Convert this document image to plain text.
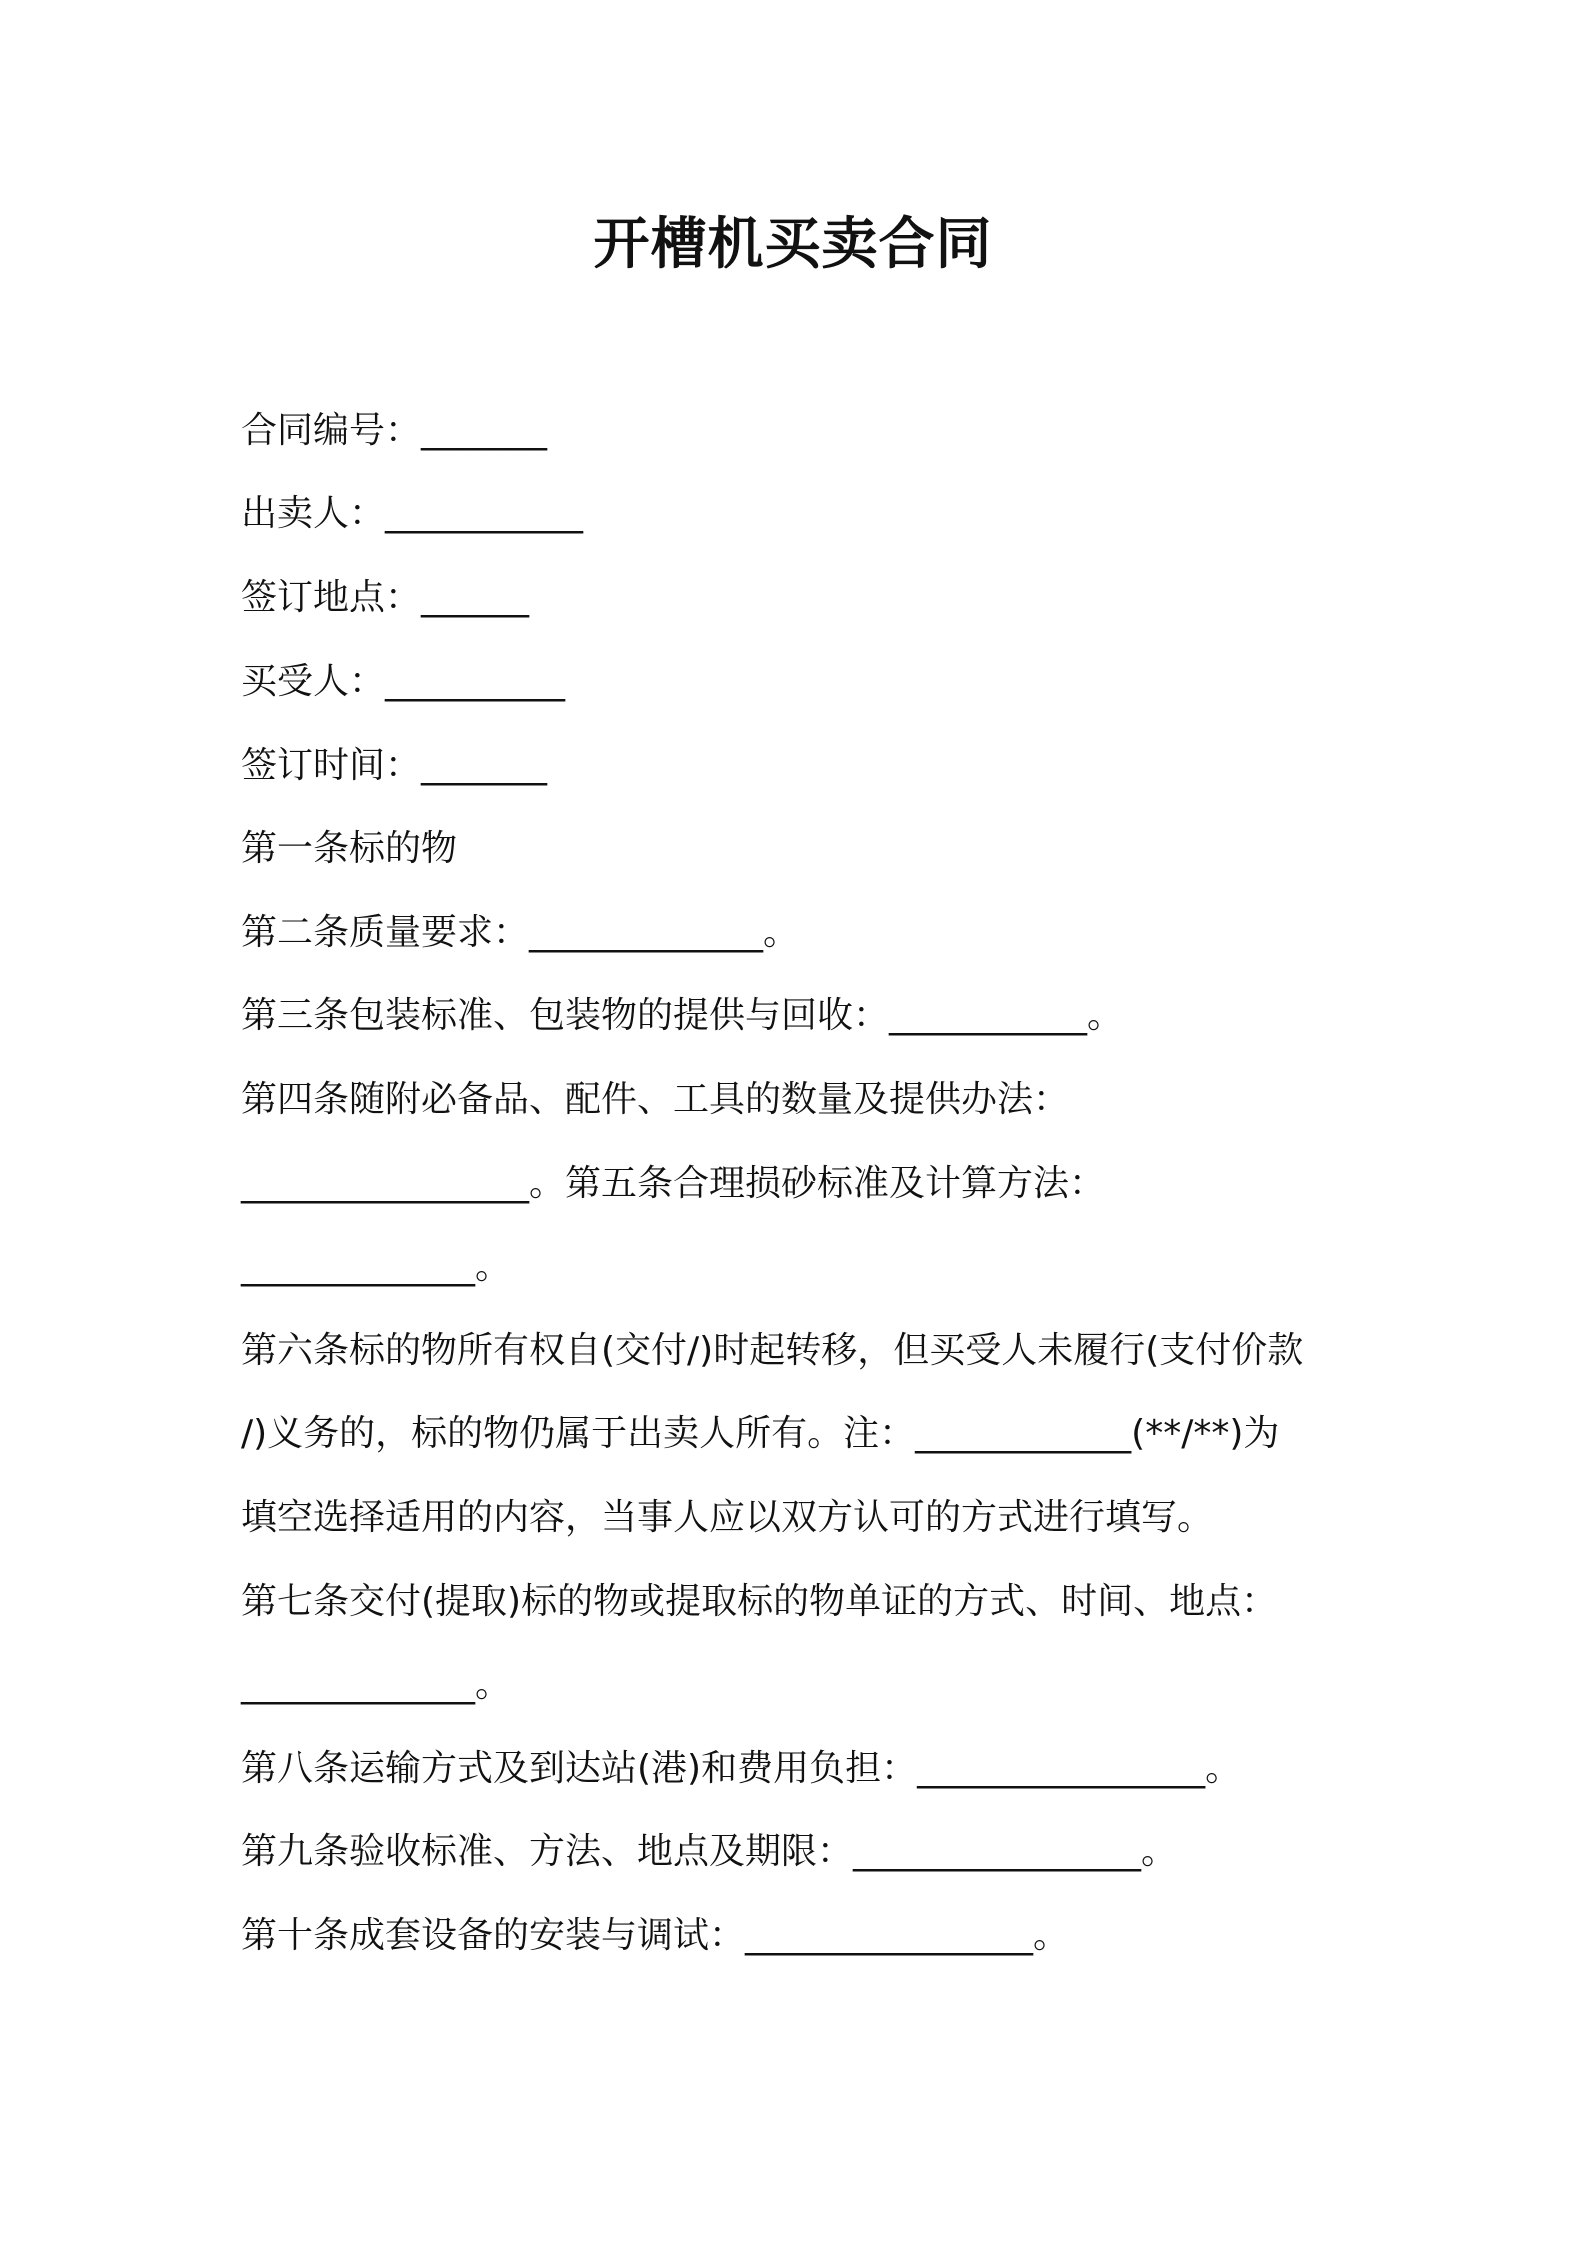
开槽机买卖合同

合同编号：_______

出卖人：___________

签订地点：______

买受人：__________

签订时间：_______

第一条标的物

第二条质量要求：_____________。

第三条包装标准、包装物的提供与回收：___________。

第四条随附必备品、配件、工具的数量及提供办法：

________________。第五条合理损砂标准及计算方法：

_____________。

第六条标的物所有权自(交付/)时起转移，但买受人未履行(支付价款

/)义务的，标的物仍属于出卖人所有。注：____________(**/**)为

填空选择适用的内容，当事人应以双方认可的方式进行填写。

第七条交付(提取)标的物或提取标的物单证的方式、时间、地点：

_____________。

第八条运输方式及到达站(港)和费用负担：________________。

第九条验收标准、方法、地点及期限：________________。

第十条成套设备的安装与调试：________________。
